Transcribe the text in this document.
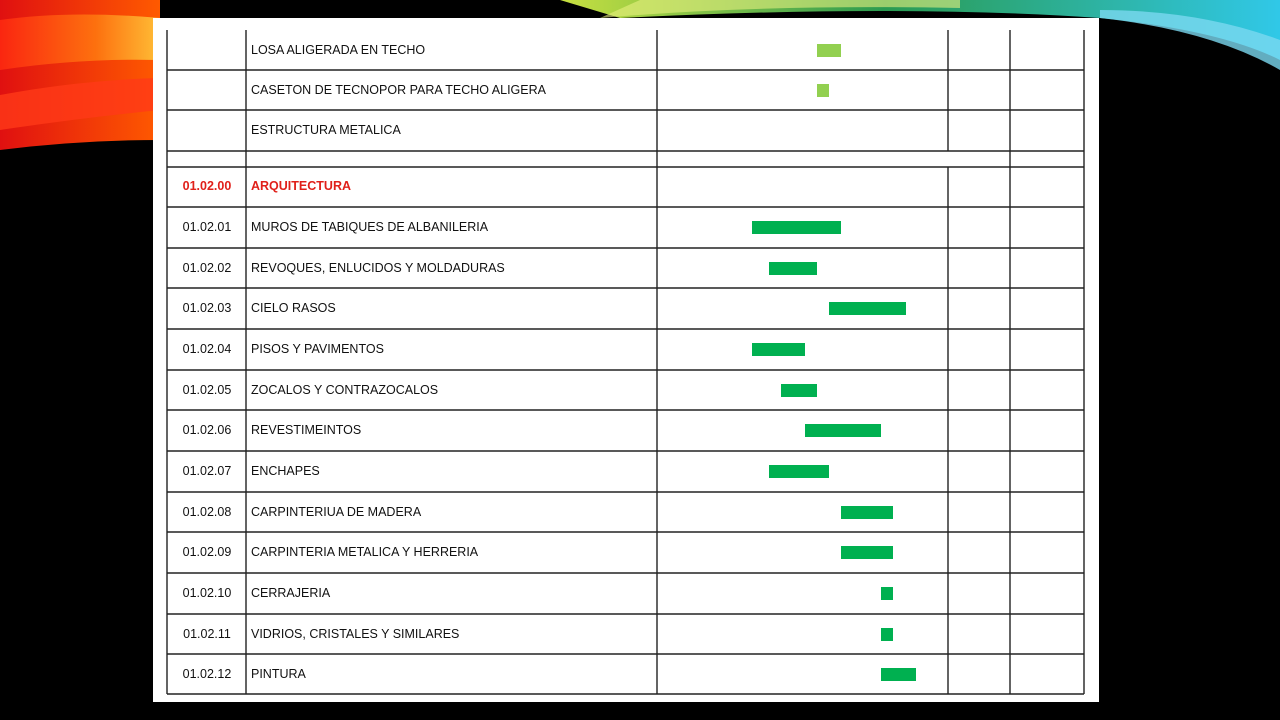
LOSA ALIGERADA EN TECHO
CASETON DE TECNOPOR PARA TECHO ALIGERA
ESTRUCTURA METALICA
01.02.00	ARQUITECTURA
01.02.01	MUROS DE TABIQUES DE ALBANILERIA
01.02.02	REVOQUES, ENLUCIDOS Y MOLDADURAS
01.02.03	CIELO RASOS
01.02.04	PISOS Y PAVIMENTOS
01.02.05	ZOCALOS Y CONTRAZOCALOS
01.02.06	REVESTIMEINTOS
01.02.07	ENCHAPES
01.02.08	CARPINTERIUA DE MADERA
01.02.09	CARPINTERIA METALICA Y HERRERIA
01.02.10	CERRAJERIA
01.02.11	VIDRIOS, CRISTALES Y SIMILARES
01.02.12	PINTURA
